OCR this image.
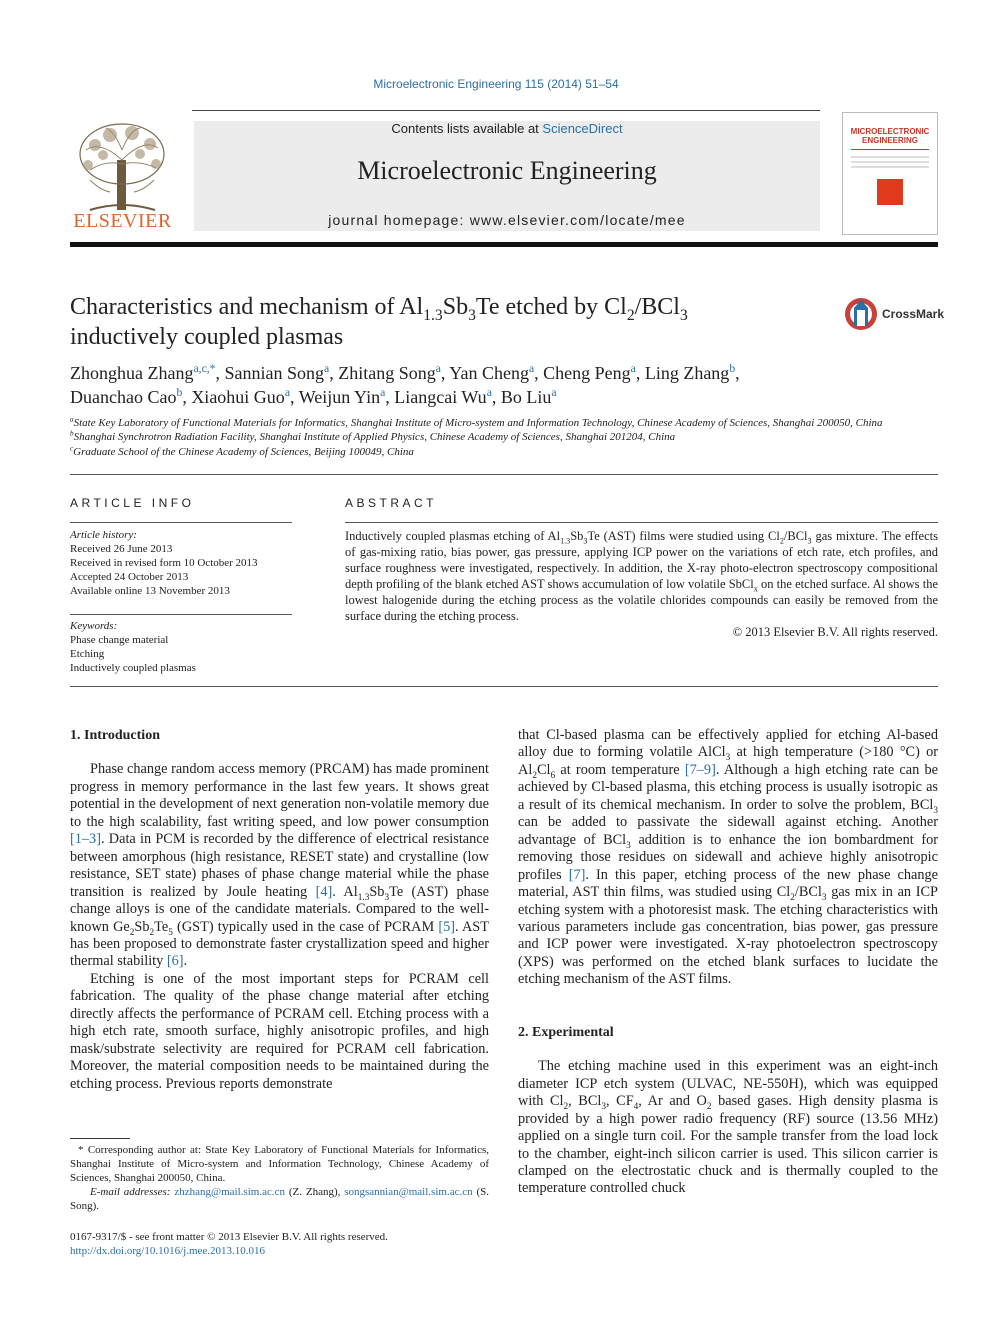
Microelectronic Engineering 115 (2014) 51–54
ELSEVIER
Contents lists available at ScienceDirect
Microelectronic Engineering
journal homepage: www.elsevier.com/locate/mee
MICROELECTRONIC
ENGINEERING
Characteristics and mechanism of $Al_{1.3}Sb_3Te$ etched by $Cl_2/BCl_3$
inductively coupled plasmas
CrossMark
Zhonghua Zhang$^{a,c,*}$, Sannian Song$^a$, Zhitang Song$^a$, Yan Cheng$^a$, Cheng Peng$^a$, Ling Zhang$^b$,
Duanchao Cao$^b$, Xiaohui Guo$^a$, Weijun Yin$^a$, Liangcai Wu$^a$, Bo Liu$^a$
$^a$State Key Laboratory of Functional Materials for Informatics, Shanghai Institute of Micro-system and Information Technology, Chinese Academy of Sciences, Shanghai 200050, China
$^b$Shanghai Synchrotron Radiation Facility, Shanghai Institute of Applied Physics, Chinese Academy of Sciences, Shanghai 201204, China
$^c$Graduate School of the Chinese Academy of Sciences, Beijing 100049, China
ARTICLE INFO
Article history:
Received 26 June 2013
Received in revised form 10 October 2013
Accepted 24 October 2013
Available online 13 November 2013
Keywords:
Phase change material
Etching
Inductively coupled plasmas
ABSTRACT
Inductively coupled plasmas etching of $Al_{1.3}Sb_3Te$ (AST) films were studied using $Cl_2/BCl_3$ gas mixture. The effects of gas-mixing ratio, bias power, gas pressure, applying ICP power on the variations of etch rate, etch profiles, and surface roughness were investigated, respectively. In addition, the X-ray photo-electron spectroscopy compositional depth profiling of the blank etched AST shows accumulation of low volatile SbCl$_x$ on the etched surface. Al shows the lowest halogenide during the etching process as the volatile chlorides compounds can easily be removed from the surface during the etching process.
© 2013 Elsevier B.V. All rights reserved.
1. Introduction

Phase change random access memory (PRCAM) has made prominent progress in memory performance in the last few years. It shows great potential in the development of next generation non-volatile memory due to the high scalability, fast writing speed, and low power consumption [1–3]. Data in PCM is recorded by the difference of electrical resistance between amorphous (high resistance, RESET state) and crystalline (low resistance, SET state) phases of phase change material while the phase transition is realized by Joule heating [4]. $Al_{1.3}Sb_3Te$ (AST) phase change alloys is one of the candidate materials. Compared to the well-known $Ge_2Sb_2Te_5$ (GST) typically used in the case of PCRAM [5]. AST has been proposed to demonstrate faster crystallization speed and higher thermal stability [6].

Etching is one of the most important steps for PCRAM cell fabrication. The quality of the phase change material after etching directly affects the performance of PCRAM cell. Etching process with a high etch rate, smooth surface, highly anisotropic profiles, and high mask/substrate selectivity are required for PCRAM cell fabrication. Moreover, the material composition needs to be maintained during the etching process. Previous reports demonstrate

* Corresponding author at: State Key Laboratory of Functional Materials for Informatics, Shanghai Institute of Micro-system and Information Technology, Chinese Academy of Sciences, Shanghai 200050, China.
E-mail addresses: zhzhang@mail.sim.ac.cn (Z. Zhang), songsannian@mail.sim.ac.cn (S. Song).
0167-9317/$ - see front matter © 2013 Elsevier B.V. All rights reserved.
http://dx.doi.org/10.1016/j.mee.2013.10.016

that Cl-based plasma can be effectively applied for etching Al-based alloy due to forming volatile AlCl$_3$ at high temperature (>180 °C) or $Al_2Cl_6$ at room temperature [7–9]. Although a high etching rate can be achieved by Cl-based plasma, this etching process is usually isotropic as a result of its chemical mechanism. In order to solve the problem, BCl$_3$ can be added to passivate the sidewall against etching. Another advantage of BCl$_3$ addition is to enhance the ion bombardment for removing those residues on sidewall and achieve highly anisotropic profiles [7]. In this paper, etching process of the new phase change material, AST thin films, was studied using $Cl_2/BCl_3$ gas mix in an ICP etching system with a photoresist mask. The etching characteristics with various parameters include gas concentration, bias power, gas pressure and ICP power were investigated. X-ray photoelectron spectroscopy (XPS) was performed on the etched blank surfaces to lucidate the etching mechanism of the AST films.

2. Experimental

The etching machine used in this experiment was an eight-inch diameter ICP etch system (ULVAC, NE-550H), which was equipped with $Cl_2$, BCl$_3$, $CF_4$, Ar and $O_2$ based gases. High density plasma is provided by a high power radio frequency (RF) source (13.56 MHz) applied on a single turn coil. For the sample transfer from the load lock to the chamber, eight-inch silicon carrier is used. This silicon carrier is clamped on the electrostatic chuck and is thermally coupled to the temperature controlled chuck
